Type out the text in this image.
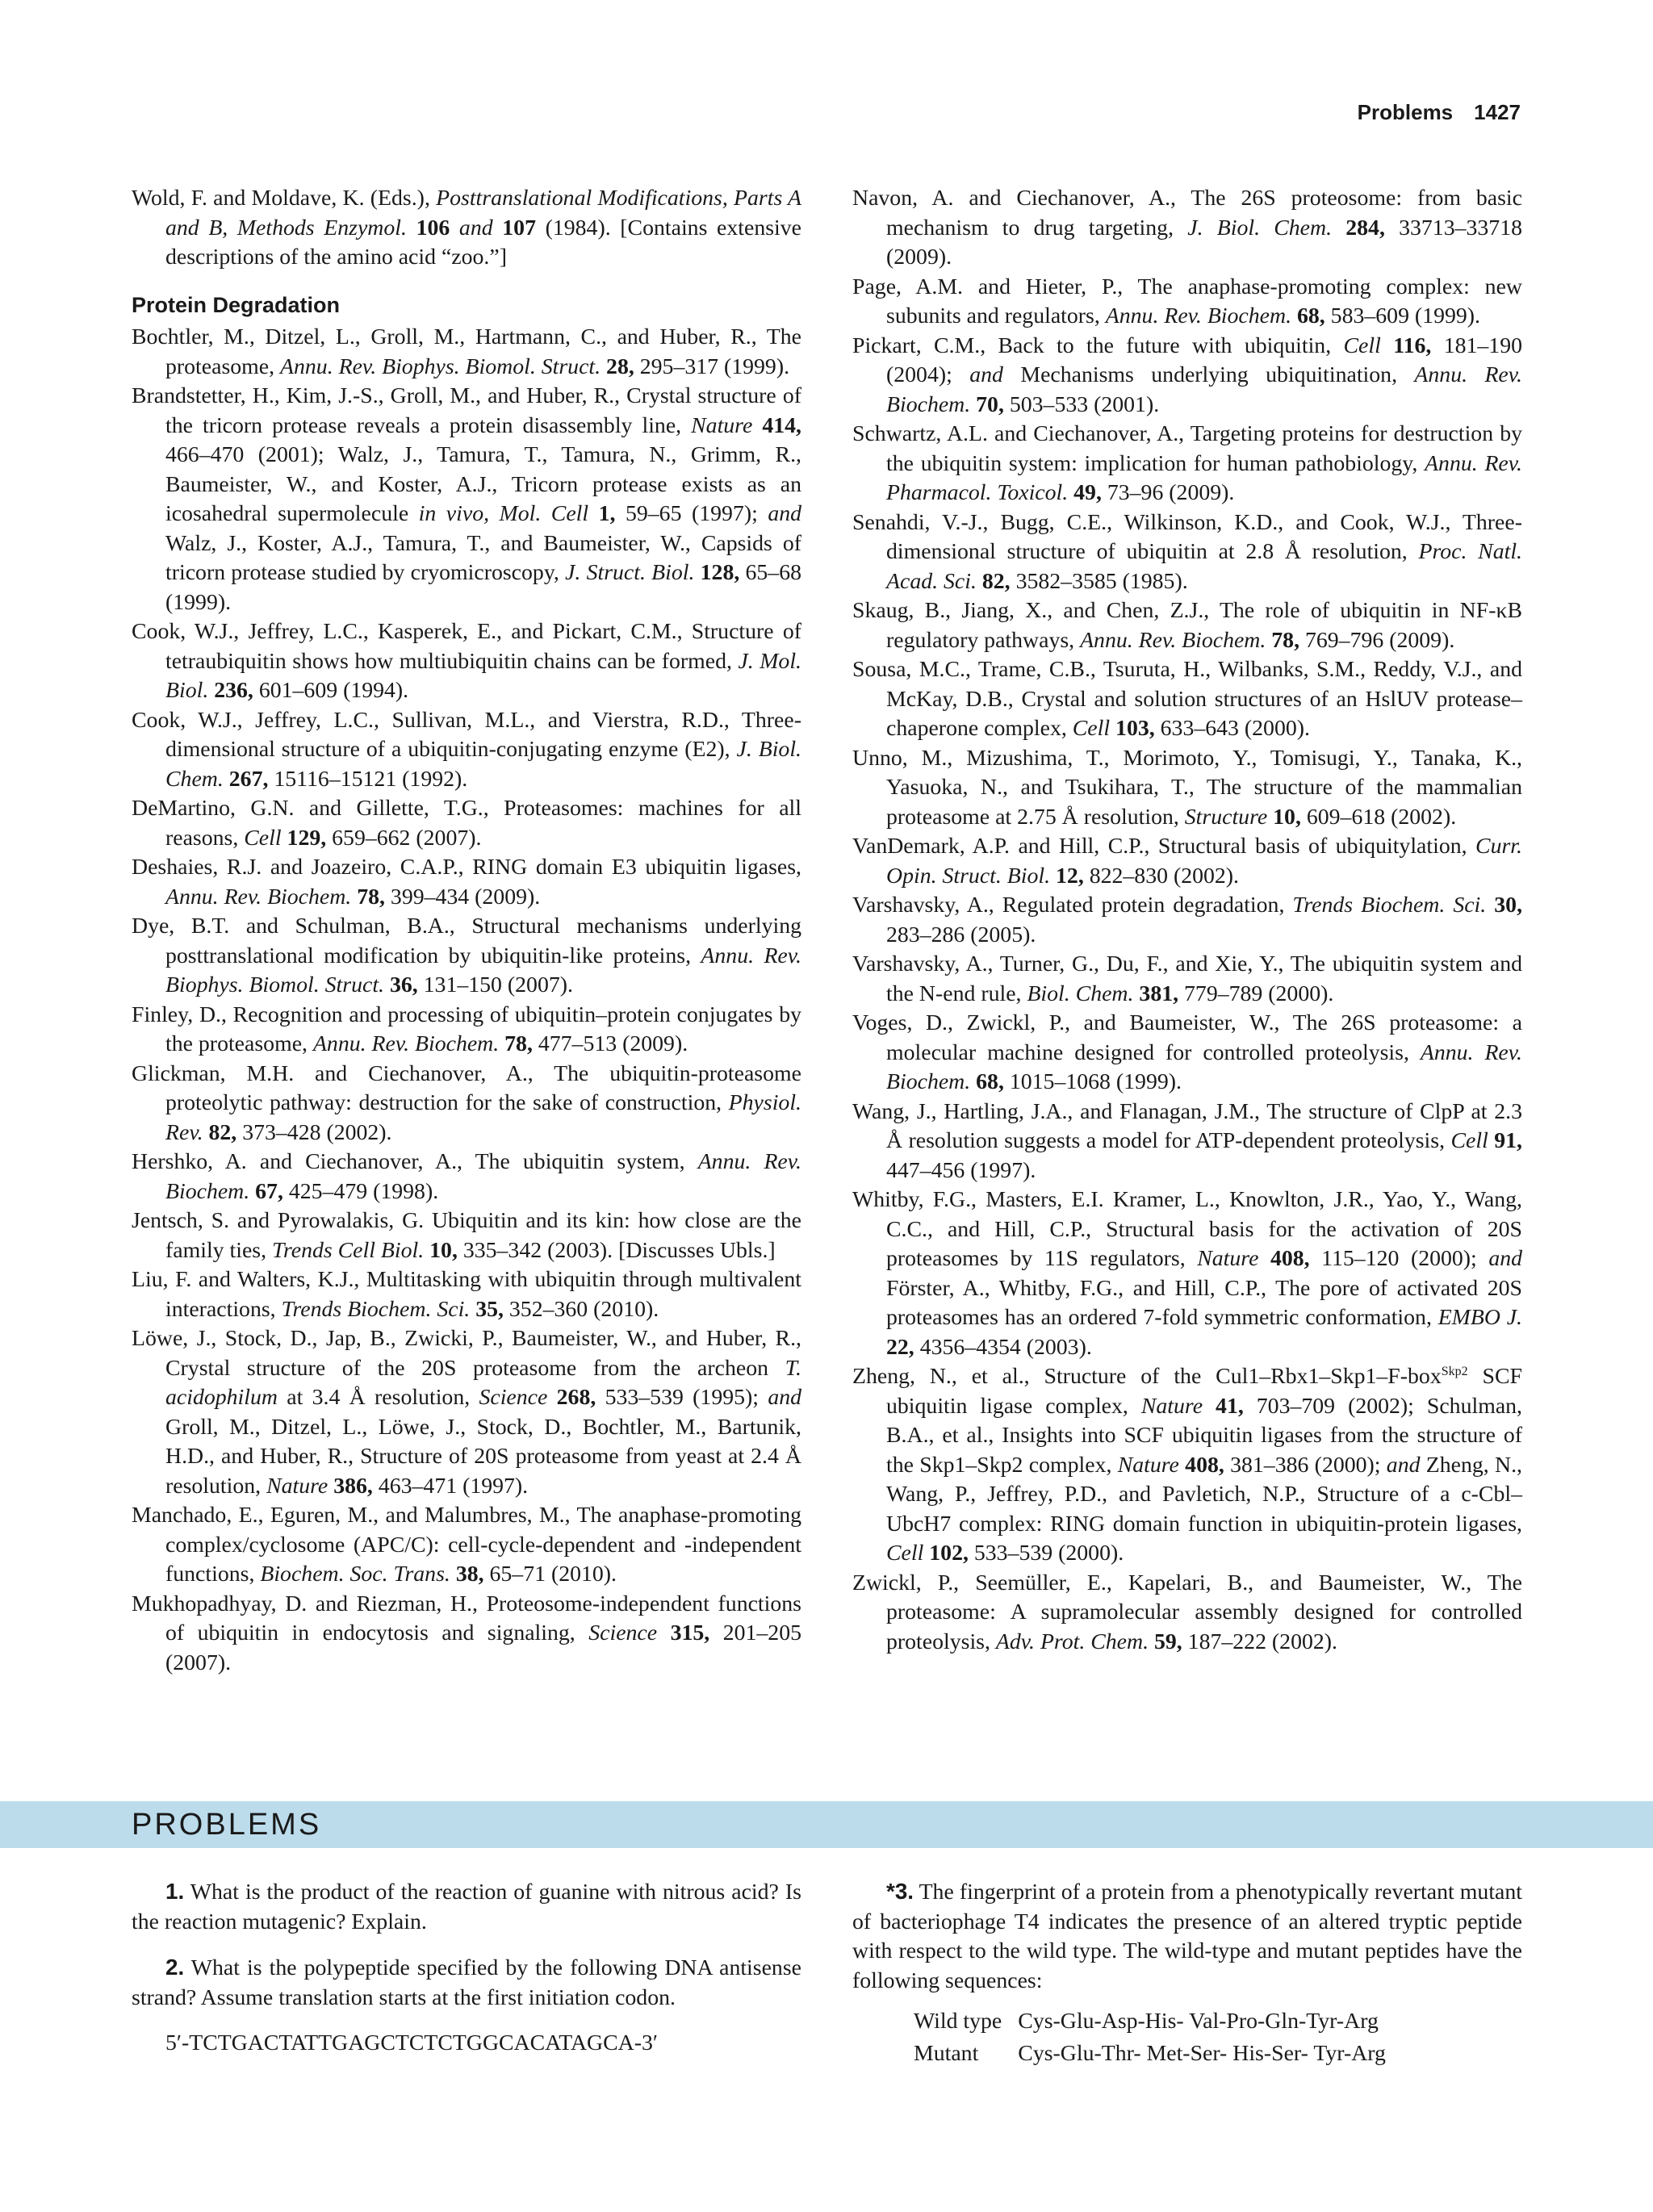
Problems 1427

Wold, F. and Moldave, K. (Eds.), Posttranslational Modifications, Parts A and B, Methods Enzymol. 106 and 107 (1984). [Contains extensive descriptions of the amino acid “zoo.”]

Protein Degradation

Bochtler, M., Ditzel, L., Groll, M., Hartmann, C., and Huber, R., The proteasome, Annu. Rev. Biophys. Biomol. Struct. 28, 295–317 (1999).

Brandstetter, H., Kim, J.-S., Groll, M., and Huber, R., Crystal structure of the tricorn protease reveals a protein disassembly line, Nature 414, 466–470 (2001); Walz, J., Tamura, T., Tamura, N., Grimm, R., Baumeister, W., and Koster, A.J., Tricorn protease exists as an icosahedral supermolecule in vivo, Mol. Cell 1, 59–65 (1997); and Walz, J., Koster, A.J., Tamura, T., and Baumeister, W., Capsids of tricorn protease studied by cryomicroscopy, J. Struct. Biol. 128, 65–68 (1999).

Cook, W.J., Jeffrey, L.C., Kasperek, E., and Pickart, C.M., Structure of tetraubiquitin shows how multiubiquitin chains can be formed, J. Mol. Biol. 236, 601–609 (1994).

Cook, W.J., Jeffrey, L.C., Sullivan, M.L., and Vierstra, R.D., Three-dimensional structure of a ubiquitin-conjugating enzyme (E2), J. Biol. Chem. 267, 15116–15121 (1992).

DeMartino, G.N. and Gillette, T.G., Proteasomes: machines for all reasons, Cell 129, 659–662 (2007).

Deshaies, R.J. and Joazeiro, C.A.P., RING domain E3 ubiquitin ligases, Annu. Rev. Biochem. 78, 399–434 (2009).

Dye, B.T. and Schulman, B.A., Structural mechanisms underlying posttranslational modification by ubiquitin-like proteins, Annu. Rev. Biophys. Biomol. Struct. 36, 131–150 (2007).

Finley, D., Recognition and processing of ubiquitin–protein conjugates by the proteasome, Annu. Rev. Biochem. 78, 477–513 (2009).

Glickman, M.H. and Ciechanover, A., The ubiquitin-proteasome proteolytic pathway: destruction for the sake of construction, Physiol. Rev. 82, 373–428 (2002).

Hershko, A. and Ciechanover, A., The ubiquitin system, Annu. Rev. Biochem. 67, 425–479 (1998).

Jentsch, S. and Pyrowalakis, G. Ubiquitin and its kin: how close are the family ties, Trends Cell Biol. 10, 335–342 (2003). [Discusses Ubls.]

Liu, F. and Walters, K.J., Multitasking with ubiquitin through multivalent interactions, Trends Biochem. Sci. 35, 352–360 (2010).

Löwe, J., Stock, D., Jap, B., Zwicki, P., Baumeister, W., and Huber, R., Crystal structure of the 20S proteasome from the archeon T. acidophilum at 3.4 Å resolution, Science 268, 533–539 (1995); and Groll, M., Ditzel, L., Löwe, J., Stock, D., Bochtler, M., Bartunik, H.D., and Huber, R., Structure of 20S proteasome from yeast at 2.4 Å resolution, Nature 386, 463–471 (1997).

Manchado, E., Eguren, M., and Malumbres, M., The anaphase-promoting complex/cyclosome (APC/C): cell-cycle-dependent and -independent functions, Biochem. Soc. Trans. 38, 65–71 (2010).

Mukhopadhyay, D. and Riezman, H., Proteosome-independent functions of ubiquitin in endocytosis and signaling, Science 315, 201–205 (2007).

Navon, A. and Ciechanover, A., The 26S proteosome: from basic mechanism to drug targeting, J. Biol. Chem. 284, 33713–33718 (2009).

Page, A.M. and Hieter, P., The anaphase-promoting complex: new subunits and regulators, Annu. Rev. Biochem. 68, 583–609 (1999).

Pickart, C.M., Back to the future with ubiquitin, Cell 116, 181–190 (2004); and Mechanisms underlying ubiquitination, Annu. Rev. Biochem. 70, 503–533 (2001).

Schwartz, A.L. and Ciechanover, A., Targeting proteins for destruction by the ubiquitin system: implication for human pathobiology, Annu. Rev. Pharmacol. Toxicol. 49, 73–96 (2009).

Senahdi, V.-J., Bugg, C.E., Wilkinson, K.D., and Cook, W.J., Three-dimensional structure of ubiquitin at 2.8 Å resolution, Proc. Natl. Acad. Sci. 82, 3582–3585 (1985).

Skaug, B., Jiang, X., and Chen, Z.J., The role of ubiquitin in NF-κB regulatory pathways, Annu. Rev. Biochem. 78, 769–796 (2009).

Sousa, M.C., Trame, C.B., Tsuruta, H., Wilbanks, S.M., Reddy, V.J., and McKay, D.B., Crystal and solution structures of an HslUV protease–chaperone complex, Cell 103, 633–643 (2000).

Unno, M., Mizushima, T., Morimoto, Y., Tomisugi, Y., Tanaka, K., Yasuoka, N., and Tsukihara, T., The structure of the mammalian proteasome at 2.75 Å resolution, Structure 10, 609–618 (2002).

VanDemark, A.P. and Hill, C.P., Structural basis of ubiquitylation, Curr. Opin. Struct. Biol. 12, 822–830 (2002).

Varshavsky, A., Regulated protein degradation, Trends Biochem. Sci. 30, 283–286 (2005).

Varshavsky, A., Turner, G., Du, F., and Xie, Y., The ubiquitin system and the N-end rule, Biol. Chem. 381, 779–789 (2000).

Voges, D., Zwickl, P., and Baumeister, W., The 26S proteasome: a molecular machine designed for controlled proteolysis, Annu. Rev. Biochem. 68, 1015–1068 (1999).

Wang, J., Hartling, J.A., and Flanagan, J.M., The structure of ClpP at 2.3 Å resolution suggests a model for ATP-dependent proteolysis, Cell 91, 447–456 (1997).

Whitby, F.G., Masters, E.I. Kramer, L., Knowlton, J.R., Yao, Y., Wang, C.C., and Hill, C.P., Structural basis for the activation of 20S proteasomes by 11S regulators, Nature 408, 115–120 (2000); and Förster, A., Whitby, F.G., and Hill, C.P., The pore of activated 20S proteasomes has an ordered 7-fold symmetric conformation, EMBO J. 22, 4356–4354 (2003).

Zheng, N., et al., Structure of the Cul1–Rbx1–Skp1–F-box$^{Skp2}$ SCF ubiquitin ligase complex, Nature 41, 703–709 (2002); Schulman, B.A., et al., Insights into SCF ubiquitin ligases from the structure of the Skp1–Skp2 complex, Nature 408, 381–386 (2000); and Zheng, N., Wang, P., Jeffrey, P.D., and Pavletich, N.P., Structure of a c-Cbl–UbcH7 complex: RING domain function in ubiquitin-protein ligases, Cell 102, 533–539 (2000).

Zwickl, P., Seemüller, E., Kapelari, B., and Baumeister, W., The proteasome: A supramolecular assembly designed for controlled proteolysis, Adv. Prot. Chem. 59, 187–222 (2002).

PROBLEMS

1. What is the product of the reaction of guanine with nitrous acid? Is the reaction mutagenic? Explain.

2. What is the polypeptide specified by the following DNA antisense strand? Assume translation starts at the first initiation codon.

5′-TCTGACTATTGAGCTCTCTGGCACATAGCA-3′

*3. The fingerprint of a protein from a phenotypically revertant mutant of bacteriophage T4 indicates the presence of an altered tryptic peptide with respect to the wild type. The wild-type and mutant peptides have the following sequences:

Wild type	Cys-Glu-Asp-His- Val-Pro-Gln-Tyr-Arg
Mutant	Cys-Glu-Thr- Met-Ser- His-Ser- Tyr-Arg
